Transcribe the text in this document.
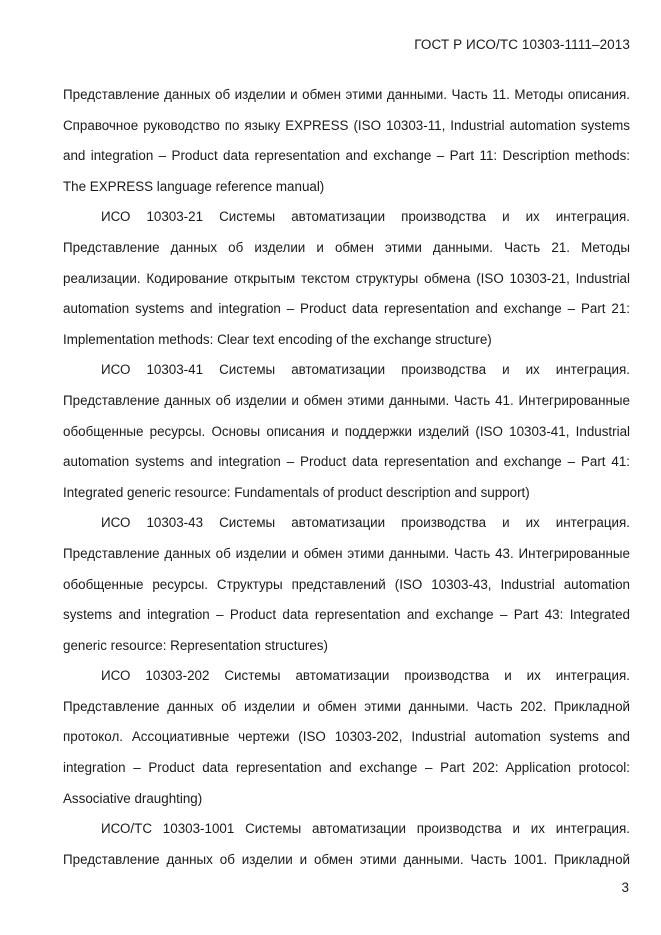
ГОСТ Р ИСО/ТС 10303-1111–2013

Представление данных об изделии и обмен этими данными. Часть 11. Методы описания. Справочное руководство по языку EXPRESS (ISO 10303-11, Industrial automation systems and integration – Product data representation and exchange – Part 11: Description methods: The EXPRESS language reference manual)

ИСО 10303-21 Системы автоматизации производства и их интеграция. Представление данных об изделии и обмен этими данными. Часть 21. Методы реализации. Кодирование открытым текстом структуры обмена (ISO 10303-21, Industrial automation systems and integration – Product data representation and exchange – Part 21: Implementation methods: Clear text encoding of the exchange structure)

ИСО 10303-41 Системы автоматизации производства и их интеграция. Представление данных об изделии и обмен этими данными. Часть 41. Интегрированные обобщенные ресурсы. Основы описания и поддержки изделий (ISO 10303-41, Industrial automation systems and integration – Product data representation and exchange – Part 41: Integrated generic resource: Fundamentals of product description and support)

ИСО 10303-43 Системы автоматизации производства и их интеграция. Представление данных об изделии и обмен этими данными. Часть 43. Интегрированные обобщенные ресурсы. Структуры представлений (ISO 10303-43, Industrial automation systems and integration – Product data representation and exchange – Part 43: Integrated generic resource: Representation structures)

ИСО 10303-202 Системы автоматизации производства и их интеграция. Представление данных об изделии и обмен этими данными. Часть 202. Прикладной протокол. Ассоциативные чертежи (ISO 10303-202, Industrial automation systems and integration – Product data representation and exchange – Part 202: Application protocol: Associative draughting)

ИСО/ТС 10303-1001 Системы автоматизации производства и их интеграция. Представление данных об изделии и обмен этими данными. Часть 1001. Прикладной

3
